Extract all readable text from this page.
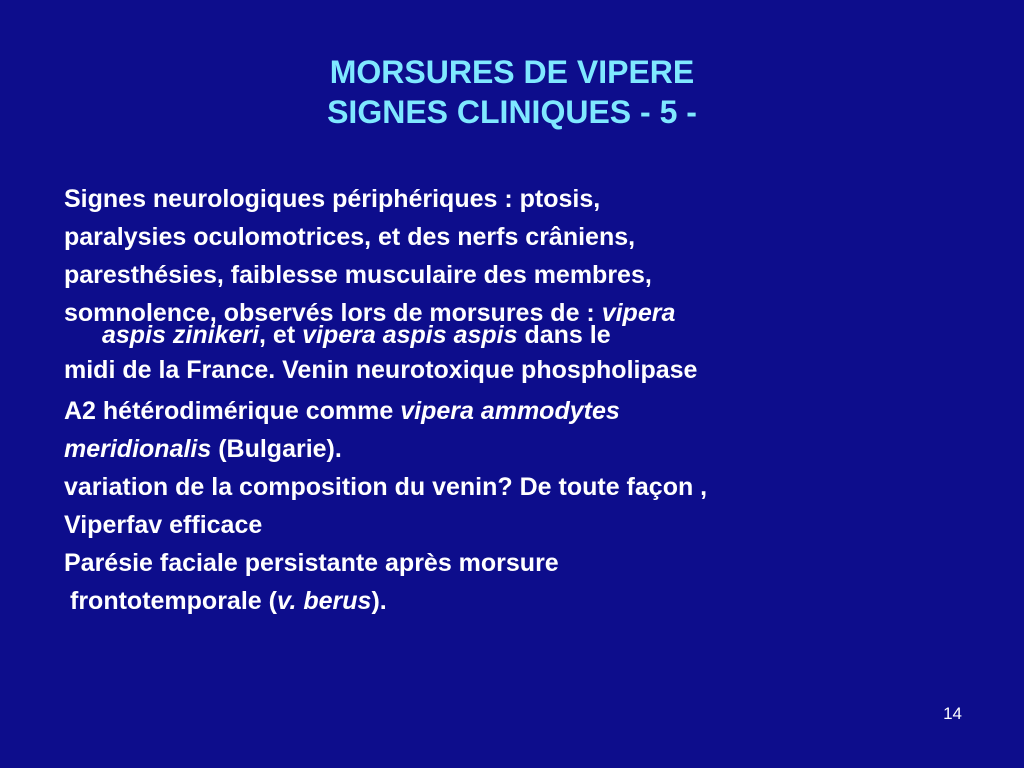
MORSURES DE VIPERE
SIGNES CLINIQUES - 5 -
Signes neurologiques périphériques : ptosis,
paralysies oculomotrices, et des nerfs crâniens,
paresthésies, faiblesse musculaire des membres,
somnolence, observés lors de morsures de : vipera
aspis zinikeri, et vipera aspis aspis dans le
midi de la France. Venin neurotoxique phospholipase
A2 hétérodimérique comme vipera ammodytes
meridionalis (Bulgarie).
variation de la composition du venin? De toute façon ,
Viperfav efficace
Parésie faciale persistante après morsure
frontotemporale (v. berus).
14
